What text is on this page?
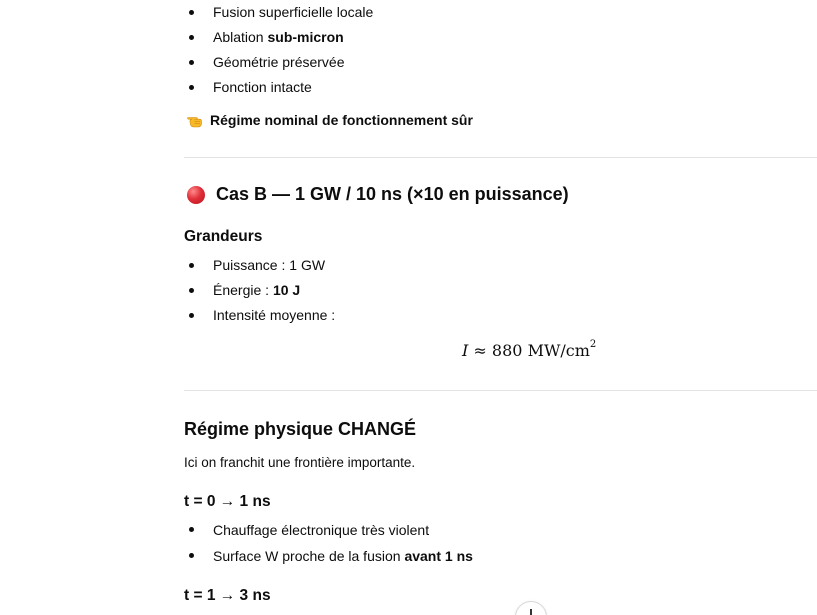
Fusion superficielle locale
Ablation sub-micron
Géométrie préservée
Fonction intacte
Régime nominal de fonctionnement sûr
Cas B — 1 GW / 10 ns (×10 en puissance)
Grandeurs
Puissance : 1 GW
Énergie : 10 J
Intensité moyenne :
I ≈ 880 $MW/cm^2$
Régime physique CHANGÉ
Ici on franchit une frontière importante.
t = 0 → 1 ns
Chauffage électronique très violent
Surface W proche de la fusion avant 1 ns
t = 1 → 3 ns
